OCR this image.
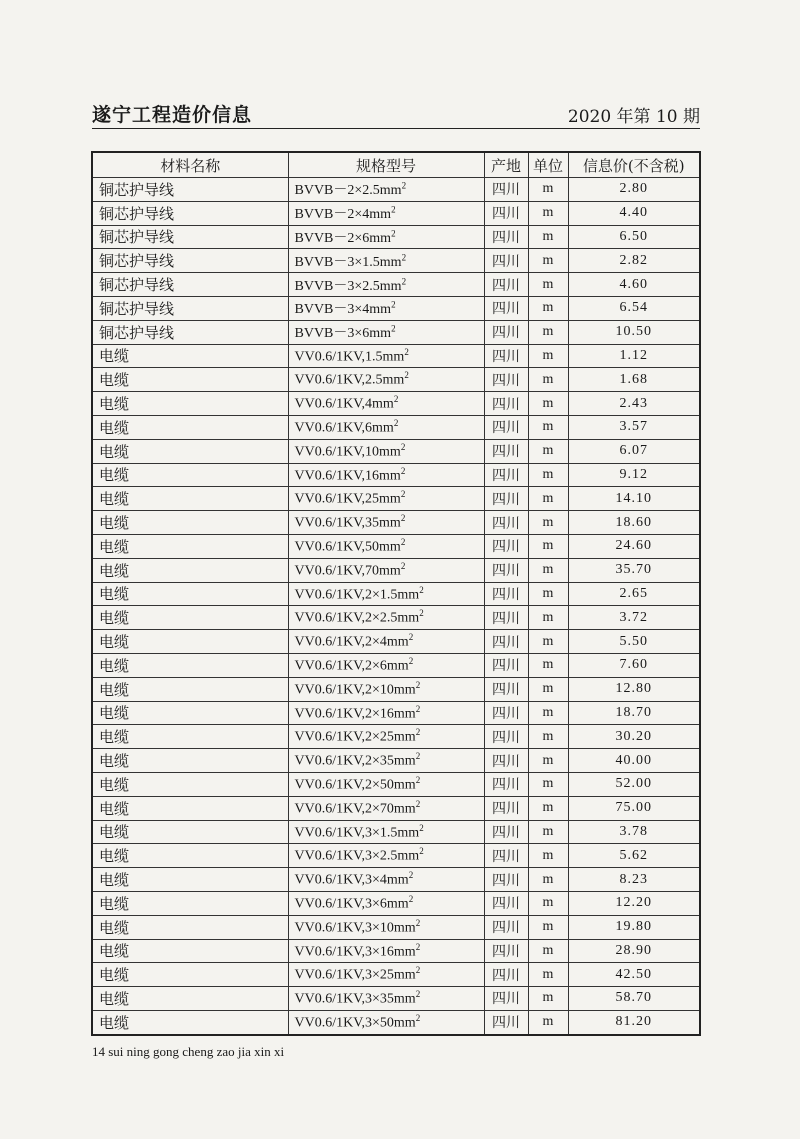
遂宁工程造价信息	2020 年第 10 期
材料名称	规格型号	产地	单位	信息价(不含税)
铜芯护导线	$BVVB-2\times 2.5mm^2$	四川	m	2.80
铜芯护导线	$BVVB-2\times 4mm^2$	四川	m	4.40
铜芯护导线	$BVVB-2\times 6mm^2$	四川	m	6.50
铜芯护导线	$BVVB-3\times 1.5mm^2$	四川	m	2.82
铜芯护导线	$BVVB-3\times 2.5mm^2$	四川	m	4.60
铜芯护导线	$BVVB-3\times 4mm^2$	四川	m	6.54
铜芯护导线	$BVVB-3\times 6mm^2$	四川	m	10.50
电缆	$VV0.6/1KV,1.5mm^2$	四川	m	1.12
电缆	$VV0.6/1KV,2.5mm^2$	四川	m	1.68
电缆	$VV0.6/1KV,4mm^2$	四川	m	2.43
电缆	$VV0.6/1KV,6mm^2$	四川	m	3.57
电缆	$VV0.6/1KV,10mm^2$	四川	m	6.07
电缆	$VV0.6/1KV,16mm^2$	四川	m	9.12
电缆	$VV0.6/1KV,25mm^2$	四川	m	14.10
电缆	$VV0.6/1KV,35mm^2$	四川	m	18.60
电缆	$VV0.6/1KV,50mm^2$	四川	m	24.60
电缆	$VV0.6/1KV,70mm^2$	四川	m	35.70
电缆	$VV0.6/1KV,2\times 1.5mm^2$	四川	m	2.65
电缆	$VV0.6/1KV,2\times 2.5mm^2$	四川	m	3.72
电缆	$VV0.6/1KV,2\times 4mm^2$	四川	m	5.50
电缆	$VV0.6/1KV,2\times 6mm^2$	四川	m	7.60
电缆	$VV0.6/1KV,2\times 10mm^2$	四川	m	12.80
电缆	$VV0.6/1KV,2\times 16mm^2$	四川	m	18.70
电缆	$VV0.6/1KV,2\times 25mm^2$	四川	m	30.20
电缆	$VV0.6/1KV,2\times 35mm^2$	四川	m	40.00
电缆	$VV0.6/1KV,2\times 50mm^2$	四川	m	52.00
电缆	$VV0.6/1KV,2\times 70mm^2$	四川	m	75.00
电缆	$VV0.6/1KV,3\times 1.5mm^2$	四川	m	3.78
电缆	$VV0.6/1KV,3\times 2.5mm^2$	四川	m	5.62
电缆	$VV0.6/1KV,3\times 4mm^2$	四川	m	8.23
电缆	$VV0.6/1KV,3\times 6mm^2$	四川	m	12.20
电缆	$VV0.6/1KV,3\times 10mm^2$	四川	m	19.80
电缆	$VV0.6/1KV,3\times 16mm^2$	四川	m	28.90
电缆	$VV0.6/1KV,3\times 25mm^2$	四川	m	42.50
电缆	$VV0.6/1KV,3\times 35mm^2$	四川	m	58.70
电缆	$VV0.6/1KV,3\times 50mm^2$	四川	m	81.20
14 sui ning gong cheng zao jia xin xi
